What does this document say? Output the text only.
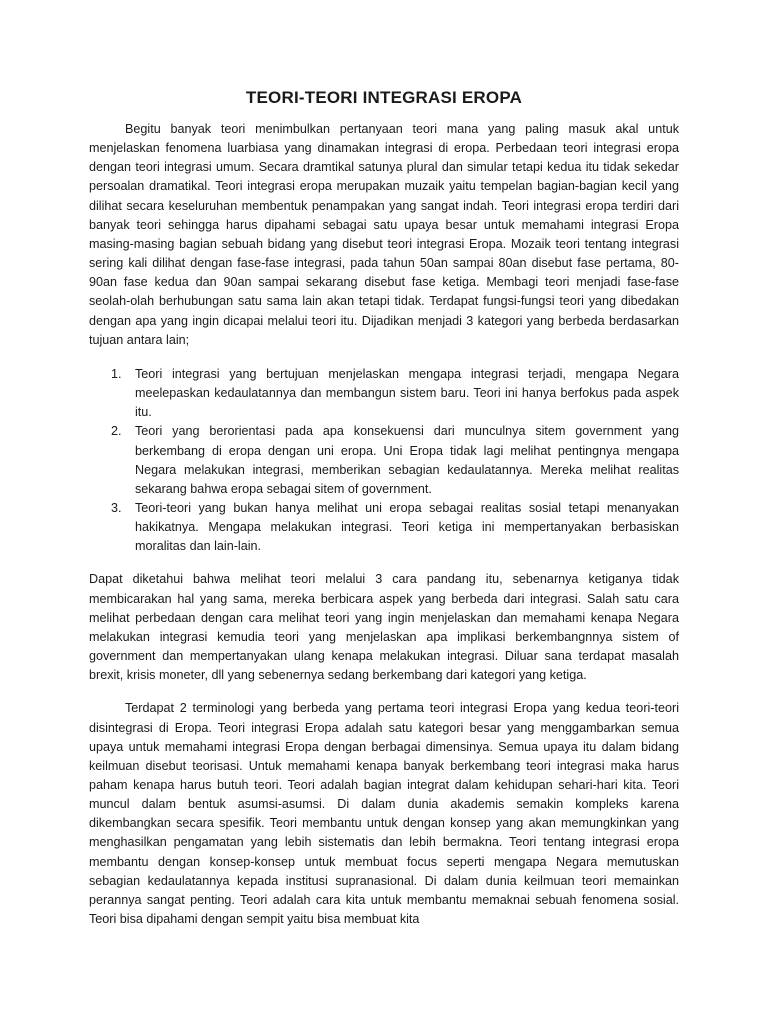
TEORI-TEORI INTEGRASI EROPA

Begitu banyak teori menimbulkan pertanyaan teori mana yang paling masuk akal untuk menjelaskan fenomena luarbiasa yang dinamakan integrasi di eropa. Perbedaan teori integrasi eropa dengan teori integrasi umum. Secara dramtikal satunya plural dan simular tetapi kedua itu tidak sekedar persoalan dramatikal. Teori integrasi eropa merupakan muzaik yaitu tempelan bagian-bagian kecil yang dilihat secara keseluruhan membentuk penampakan yang sangat indah. Teori integrasi eropa terdiri dari banyak teori sehingga harus dipahami sebagai satu upaya besar untuk memahami integrasi Eropa masing-masing bagian sebuah bidang yang disebut teori integrasi Eropa. Mozaik teori tentang integrasi sering kali dilihat dengan fase-fase integrasi, pada tahun 50an sampai 80an disebut fase pertama, 80-90an fase kedua dan 90an sampai sekarang disebut fase ketiga. Membagi teori menjadi fase-fase seolah-olah berhubungan satu sama lain akan tetapi tidak. Terdapat fungsi-fungsi teori yang dibedakan dengan apa yang ingin dicapai melalui teori itu. Dijadikan menjadi 3 kategori yang berbeda berdasarkan tujuan antara lain;

1. Teori integrasi yang bertujuan menjelaskan mengapa integrasi terjadi, mengapa Negara meelepaskan kedaulatannya dan membangun sistem baru. Teori ini hanya berfokus pada aspek itu.
2. Teori yang berorientasi pada apa konsekuensi dari munculnya sitem government yang berkembang di eropa dengan uni eropa. Uni Eropa tidak lagi melihat pentingnya mengapa Negara melakukan integrasi, memberikan sebagian kedaulatannya. Mereka melihat realitas sekarang bahwa eropa sebagai sitem of government.
3. Teori-teori yang bukan hanya melihat uni eropa sebagai realitas sosial tetapi menanyakan hakikatnya. Mengapa melakukan integrasi. Teori ketiga ini mempertanyakan berbasiskan moralitas dan lain-lain.

Dapat diketahui bahwa melihat teori melalui 3 cara pandang itu, sebenarnya ketiganya tidak membicarakan hal yang sama, mereka berbicara aspek yang berbeda dari integrasi. Salah satu cara melihat perbedaan dengan cara melihat teori yang ingin menjelaskan dan memahami kenapa Negara melakukan integrasi kemudia teori yang menjelaskan apa implikasi berkembangnnya sistem of government dan mempertanyakan ulang kenapa melakukan integrasi. Diluar sana terdapat masalah brexit, krisis moneter, dll yang sebenernya sedang berkembang dari kategori yang ketiga.

Terdapat 2 terminologi yang berbeda yang pertama teori integrasi Eropa yang kedua teori-teori disintegrasi di Eropa. Teori integrasi Eropa adalah satu kategori besar yang menggambarkan semua upaya untuk memahami integrasi Eropa dengan berbagai dimensinya. Semua upaya itu dalam bidang keilmuan disebut teorisasi. Untuk memahami kenapa banyak berkembang teori integrasi maka harus paham kenapa harus butuh teori. Teori adalah bagian integrat dalam kehidupan sehari-hari kita. Teori muncul dalam bentuk asumsi-asumsi. Di dalam dunia akademis semakin kompleks karena dikembangkan secara spesifik. Teori membantu untuk dengan konsep yang akan memungkinkan yang menghasilkan pengamatan yang lebih sistematis dan lebih bermakna. Teori tentang integrasi eropa membantu dengan konsep-konsep untuk membuat focus seperti mengapa Negara memutuskan sebagian kedaulatannya kepada institusi supranasional. Di dalam dunia keilmuan teori memainkan perannya sangat penting. Teori adalah cara kita untuk membantu memaknai sebuah fenomena sosial. Teori bisa dipahami dengan sempit yaitu bisa membuat kita
